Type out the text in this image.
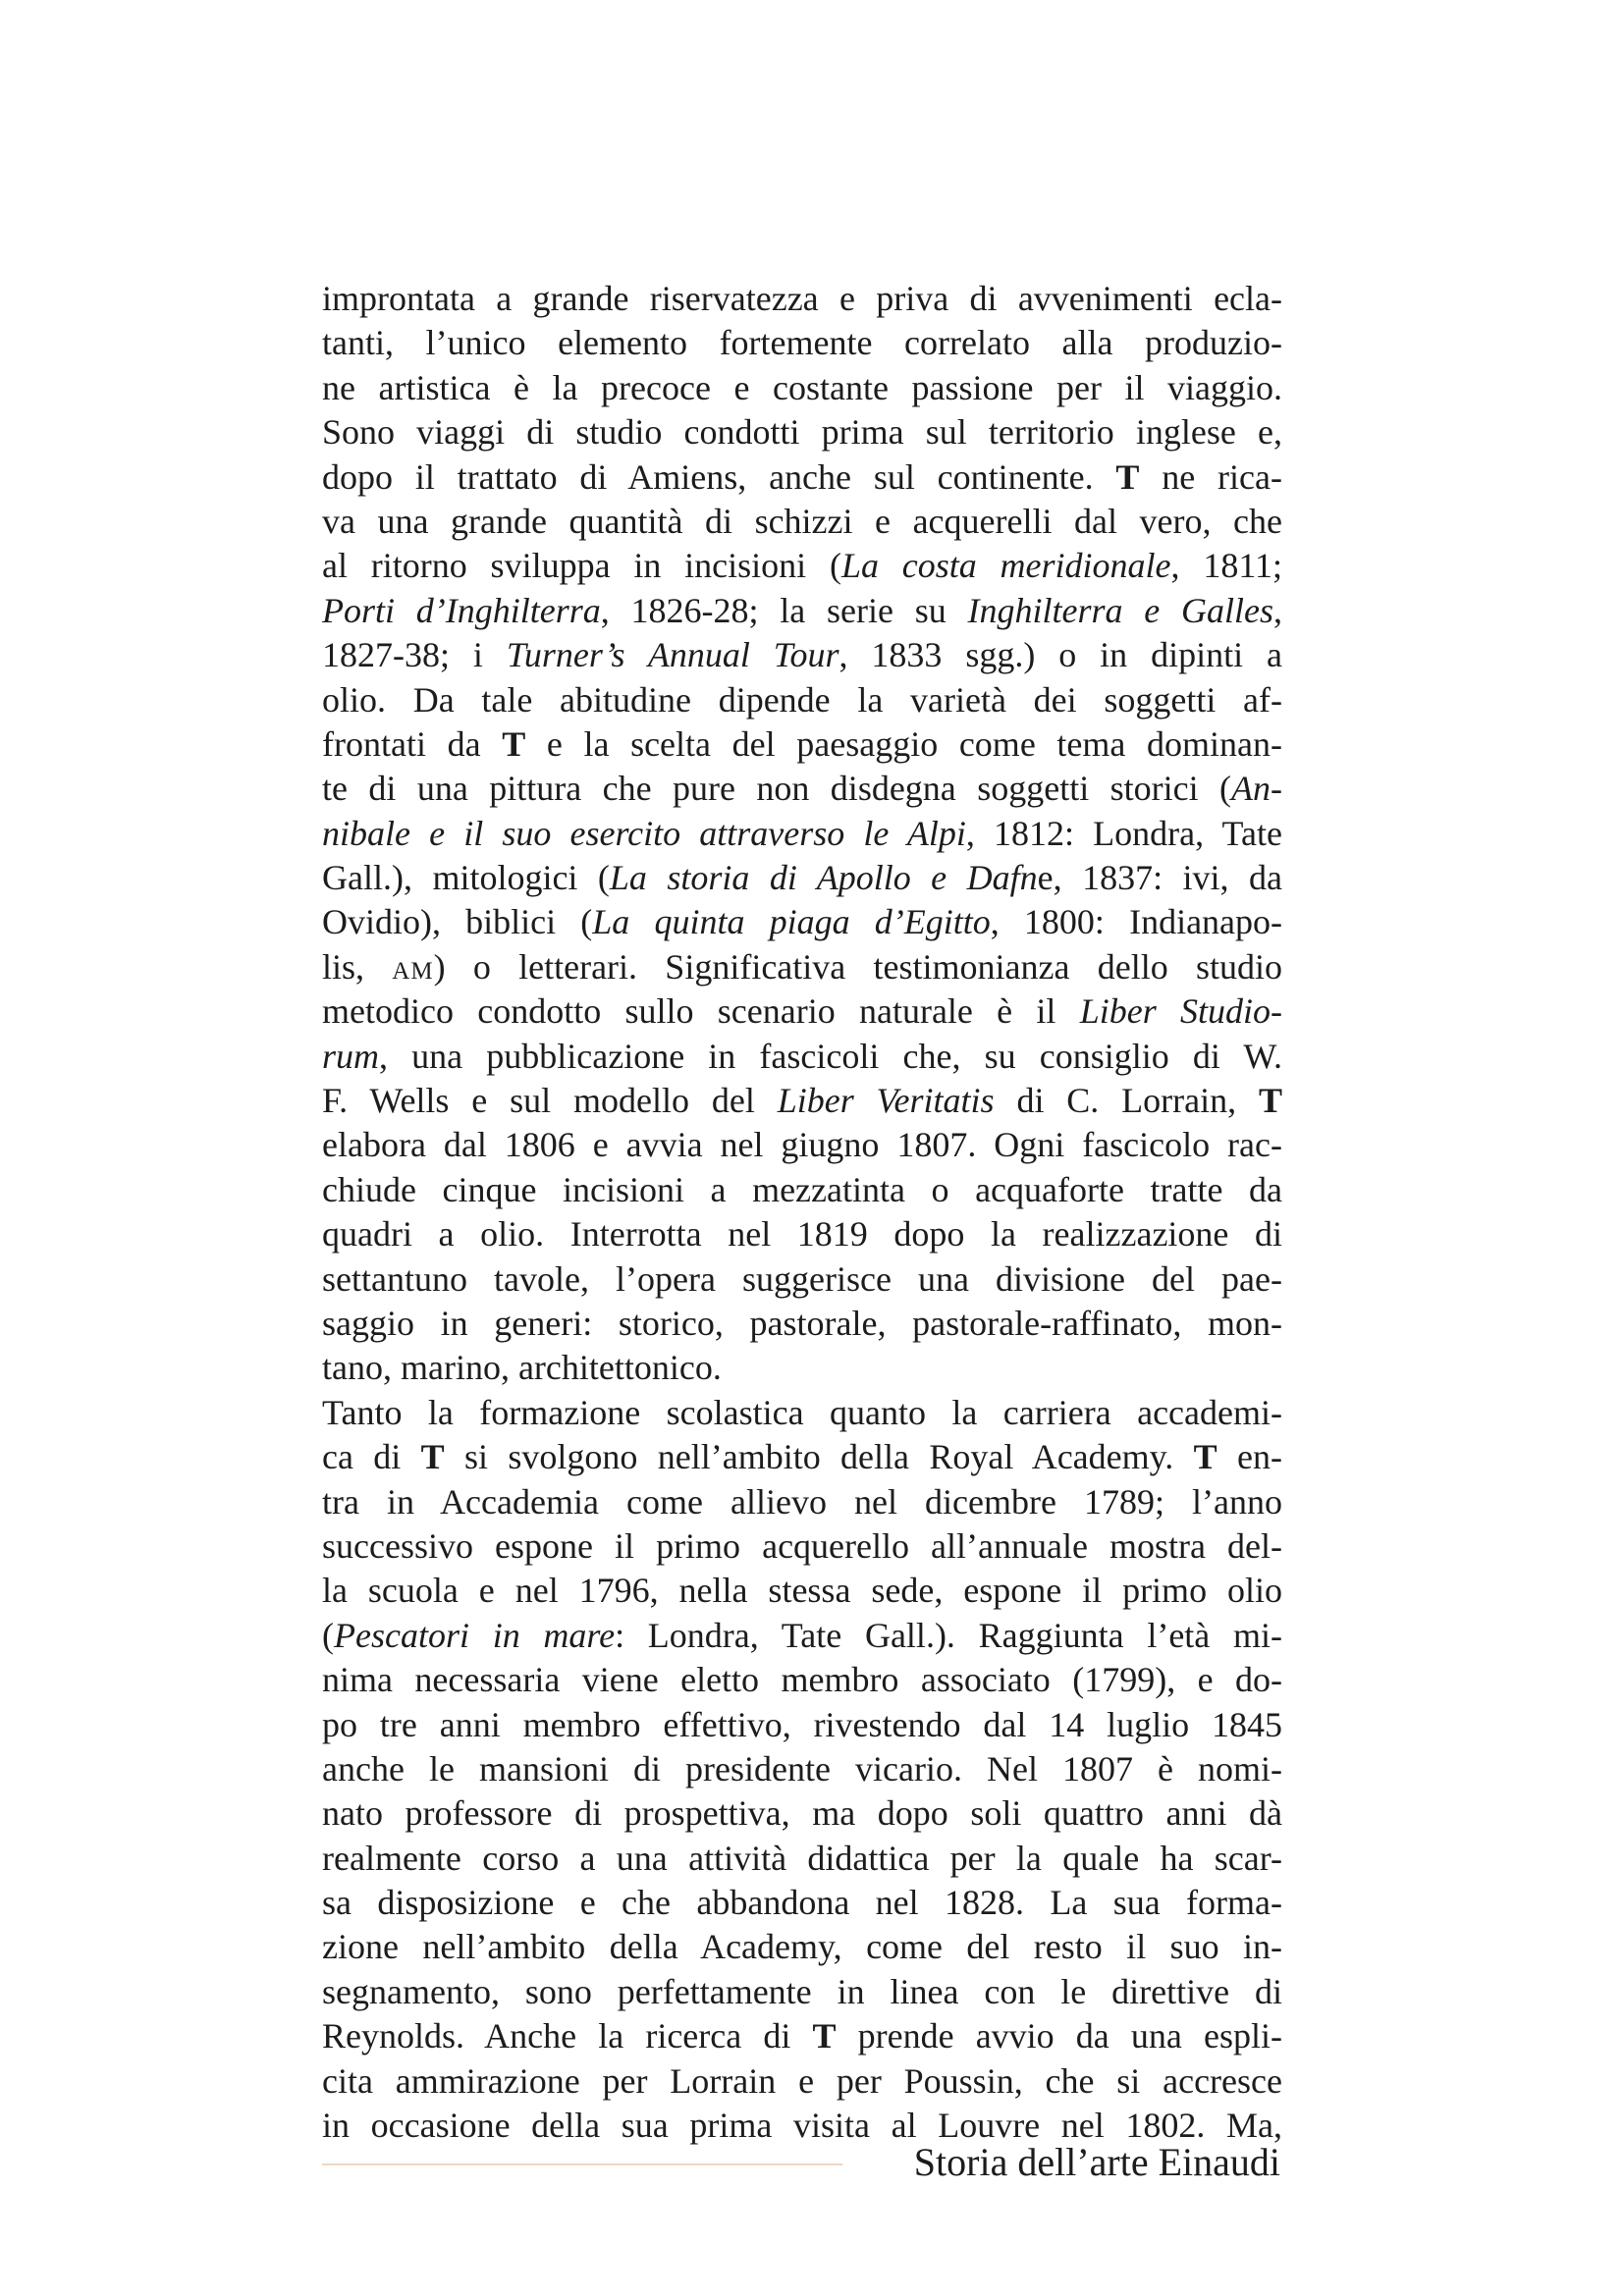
improntata a grande riservatezza e priva di avvenimenti ecla-
tanti, l’unico elemento fortemente correlato alla produzio-
ne artistica è la precoce e costante passione per il viaggio.
Sono viaggi di studio condotti prima sul territorio inglese e,
dopo il trattato di Amiens, anche sul continente. T ne rica-
va una grande quantità di schizzi e acquerelli dal vero, che
al ritorno sviluppa in incisioni (La costa meridionale, 1811;
Porti d’Inghilterra, 1826-28; la serie su Inghilterra e Galles,
1827-38; i Turner’s Annual Tour, 1833 sgg.) o in dipinti a
olio. Da tale abitudine dipende la varietà dei soggetti af-
frontati da T e la scelta del paesaggio come tema dominan-
te di una pittura che pure non disdegna soggetti storici (An-
nibale e il suo esercito attraverso le Alpi, 1812: Londra, Tate
Gall.), mitologici (La storia di Apollo e Dafne, 1837: ivi, da
Ovidio), biblici (La quinta piaga d’Egitto, 1800: Indianapo-
lis, am) o letterari. Significativa testimonianza dello studio
metodico condotto sullo scenario naturale è il Liber Studio-
rum, una pubblicazione in fascicoli che, su consiglio di W.
F. Wells e sul modello del Liber Veritatis di C. Lorrain, T
elabora dal 1806 e avvia nel giugno 1807. Ogni fascicolo rac-
chiude cinque incisioni a mezzatinta o acquaforte tratte da
quadri a olio. Interrotta nel 1819 dopo la realizzazione di
settantuno tavole, l’opera suggerisce una divisione del pae-
saggio in generi: storico, pastorale, pastorale-raffinato, mon-
tano, marino, architettonico.
Tanto la formazione scolastica quanto la carriera accademi-
ca di T si svolgono nell’ambito della Royal Academy. T en-
tra in Accademia come allievo nel dicembre 1789; l’anno
successivo espone il primo acquerello all’annuale mostra del-
la scuola e nel 1796, nella stessa sede, espone il primo olio
(Pescatori in mare: Londra, Tate Gall.). Raggiunta l’età mi-
nima necessaria viene eletto membro associato (1799), e do-
po tre anni membro effettivo, rivestendo dal 14 luglio 1845
anche le mansioni di presidente vicario. Nel 1807 è nomi-
nato professore di prospettiva, ma dopo soli quattro anni dà
realmente corso a una attività didattica per la quale ha scar-
sa disposizione e che abbandona nel 1828. La sua forma-
zione nell’ambito della Academy, come del resto il suo in-
segnamento, sono perfettamente in linea con le direttive di
Reynolds. Anche la ricerca di T prende avvio da una espli-
cita ammirazione per Lorrain e per Poussin, che si accresce
in occasione della sua prima visita al Louvre nel 1802. Ma,
Storia dell’arte Einaudi
